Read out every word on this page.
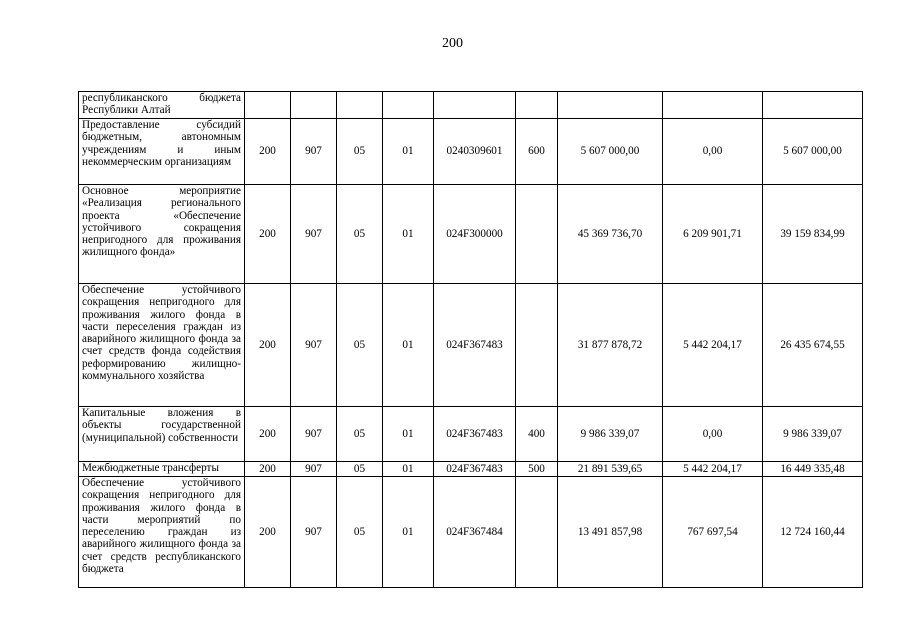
200
республиканского бюджета Республики Алтай									
Предоставление субсидий бюджетным, автономным учреждениям и иным некоммерческим организациям	200	907	05	01	0240309601	600	5 607 000,00	0,00	5 607 000,00
Основное мероприятие «Реализация регионального проекта «Обеспечение устойчивого сокращения непригодного для проживания жилищного фонда»	200	907	05	01	024F300000		45 369 736,70	6 209 901,71	39 159 834,99
Обеспечение устойчивого сокращения непригодного для проживания жилого фонда в части переселения граждан из аварийного жилищного фонда за счет средств фонда содействия реформированию жилищно-коммунального хозяйства	200	907	05	01	024F367483		31 877 878,72	5 442 204,17	26 435 674,55
Капитальные вложения в объекты государственной (муниципальной) собственности	200	907	05	01	024F367483	400	9 986 339,07	0,00	9 986 339,07
Межбюджетные трансферты	200	907	05	01	024F367483	500	21 891 539,65	5 442 204,17	16 449 335,48
Обеспечение устойчивого сокращения непригодного для проживания жилого фонда в части мероприятий по переселению граждан из аварийного жилищного фонда за счет средств республиканского бюджета	200	907	05	01	024F367484		13 491 857,98	767 697,54	12 724 160,44
